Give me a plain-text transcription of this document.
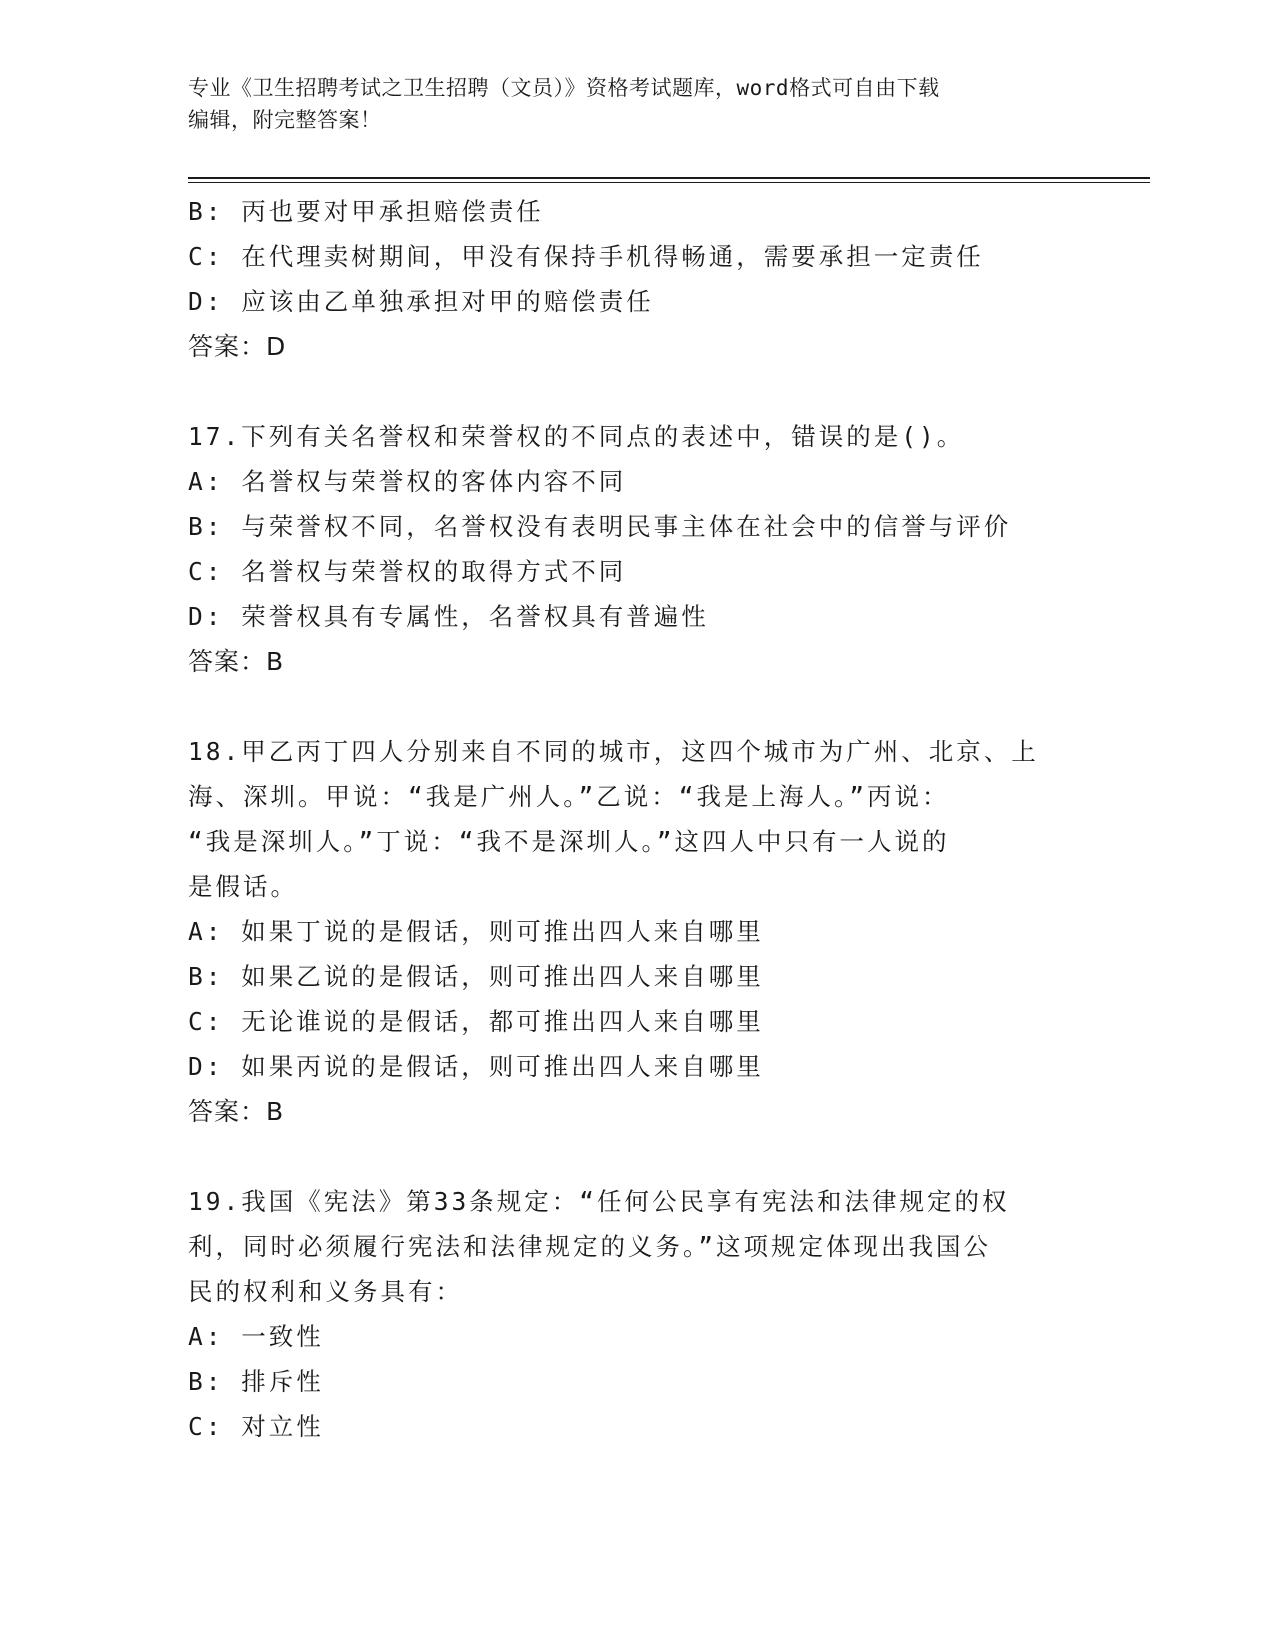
专业《卫生招聘考试之卫生招聘（文员）》资格考试题库，word格式可自由下载
编辑，附完整答案！
B: 丙也要对甲承担赔偿责任
C: 在代理卖树期间，甲没有保持手机得畅通，需要承担一定责任
D: 应该由乙单独承担对甲的赔偿责任
答案：D
17.下列有关名誉权和荣誉权的不同点的表述中，错误的是()。
A: 名誉权与荣誉权的客体内容不同
B: 与荣誉权不同，名誉权没有表明民事主体在社会中的信誉与评价
C: 名誉权与荣誉权的取得方式不同
D: 荣誉权具有专属性，名誉权具有普遍性
答案：B
18.甲乙丙丁四人分别来自不同的城市，这四个城市为广州、北京、上
海、深圳。甲说：“我是广州人。”乙说：“我是上海人。”丙说：
“我是深圳人。”丁说：“我不是深圳人。”这四人中只有一人说的
是假话。
A: 如果丁说的是假话，则可推出四人来自哪里
B: 如果乙说的是假话，则可推出四人来自哪里
C: 无论谁说的是假话，都可推出四人来自哪里
D: 如果丙说的是假话，则可推出四人来自哪里
答案：B
19.我国《宪法》第33条规定：“任何公民享有宪法和法律规定的权
利，同时必须履行宪法和法律规定的义务。”这项规定体现出我国公
民的权利和义务具有：
A: 一致性
B: 排斥性
C: 对立性
